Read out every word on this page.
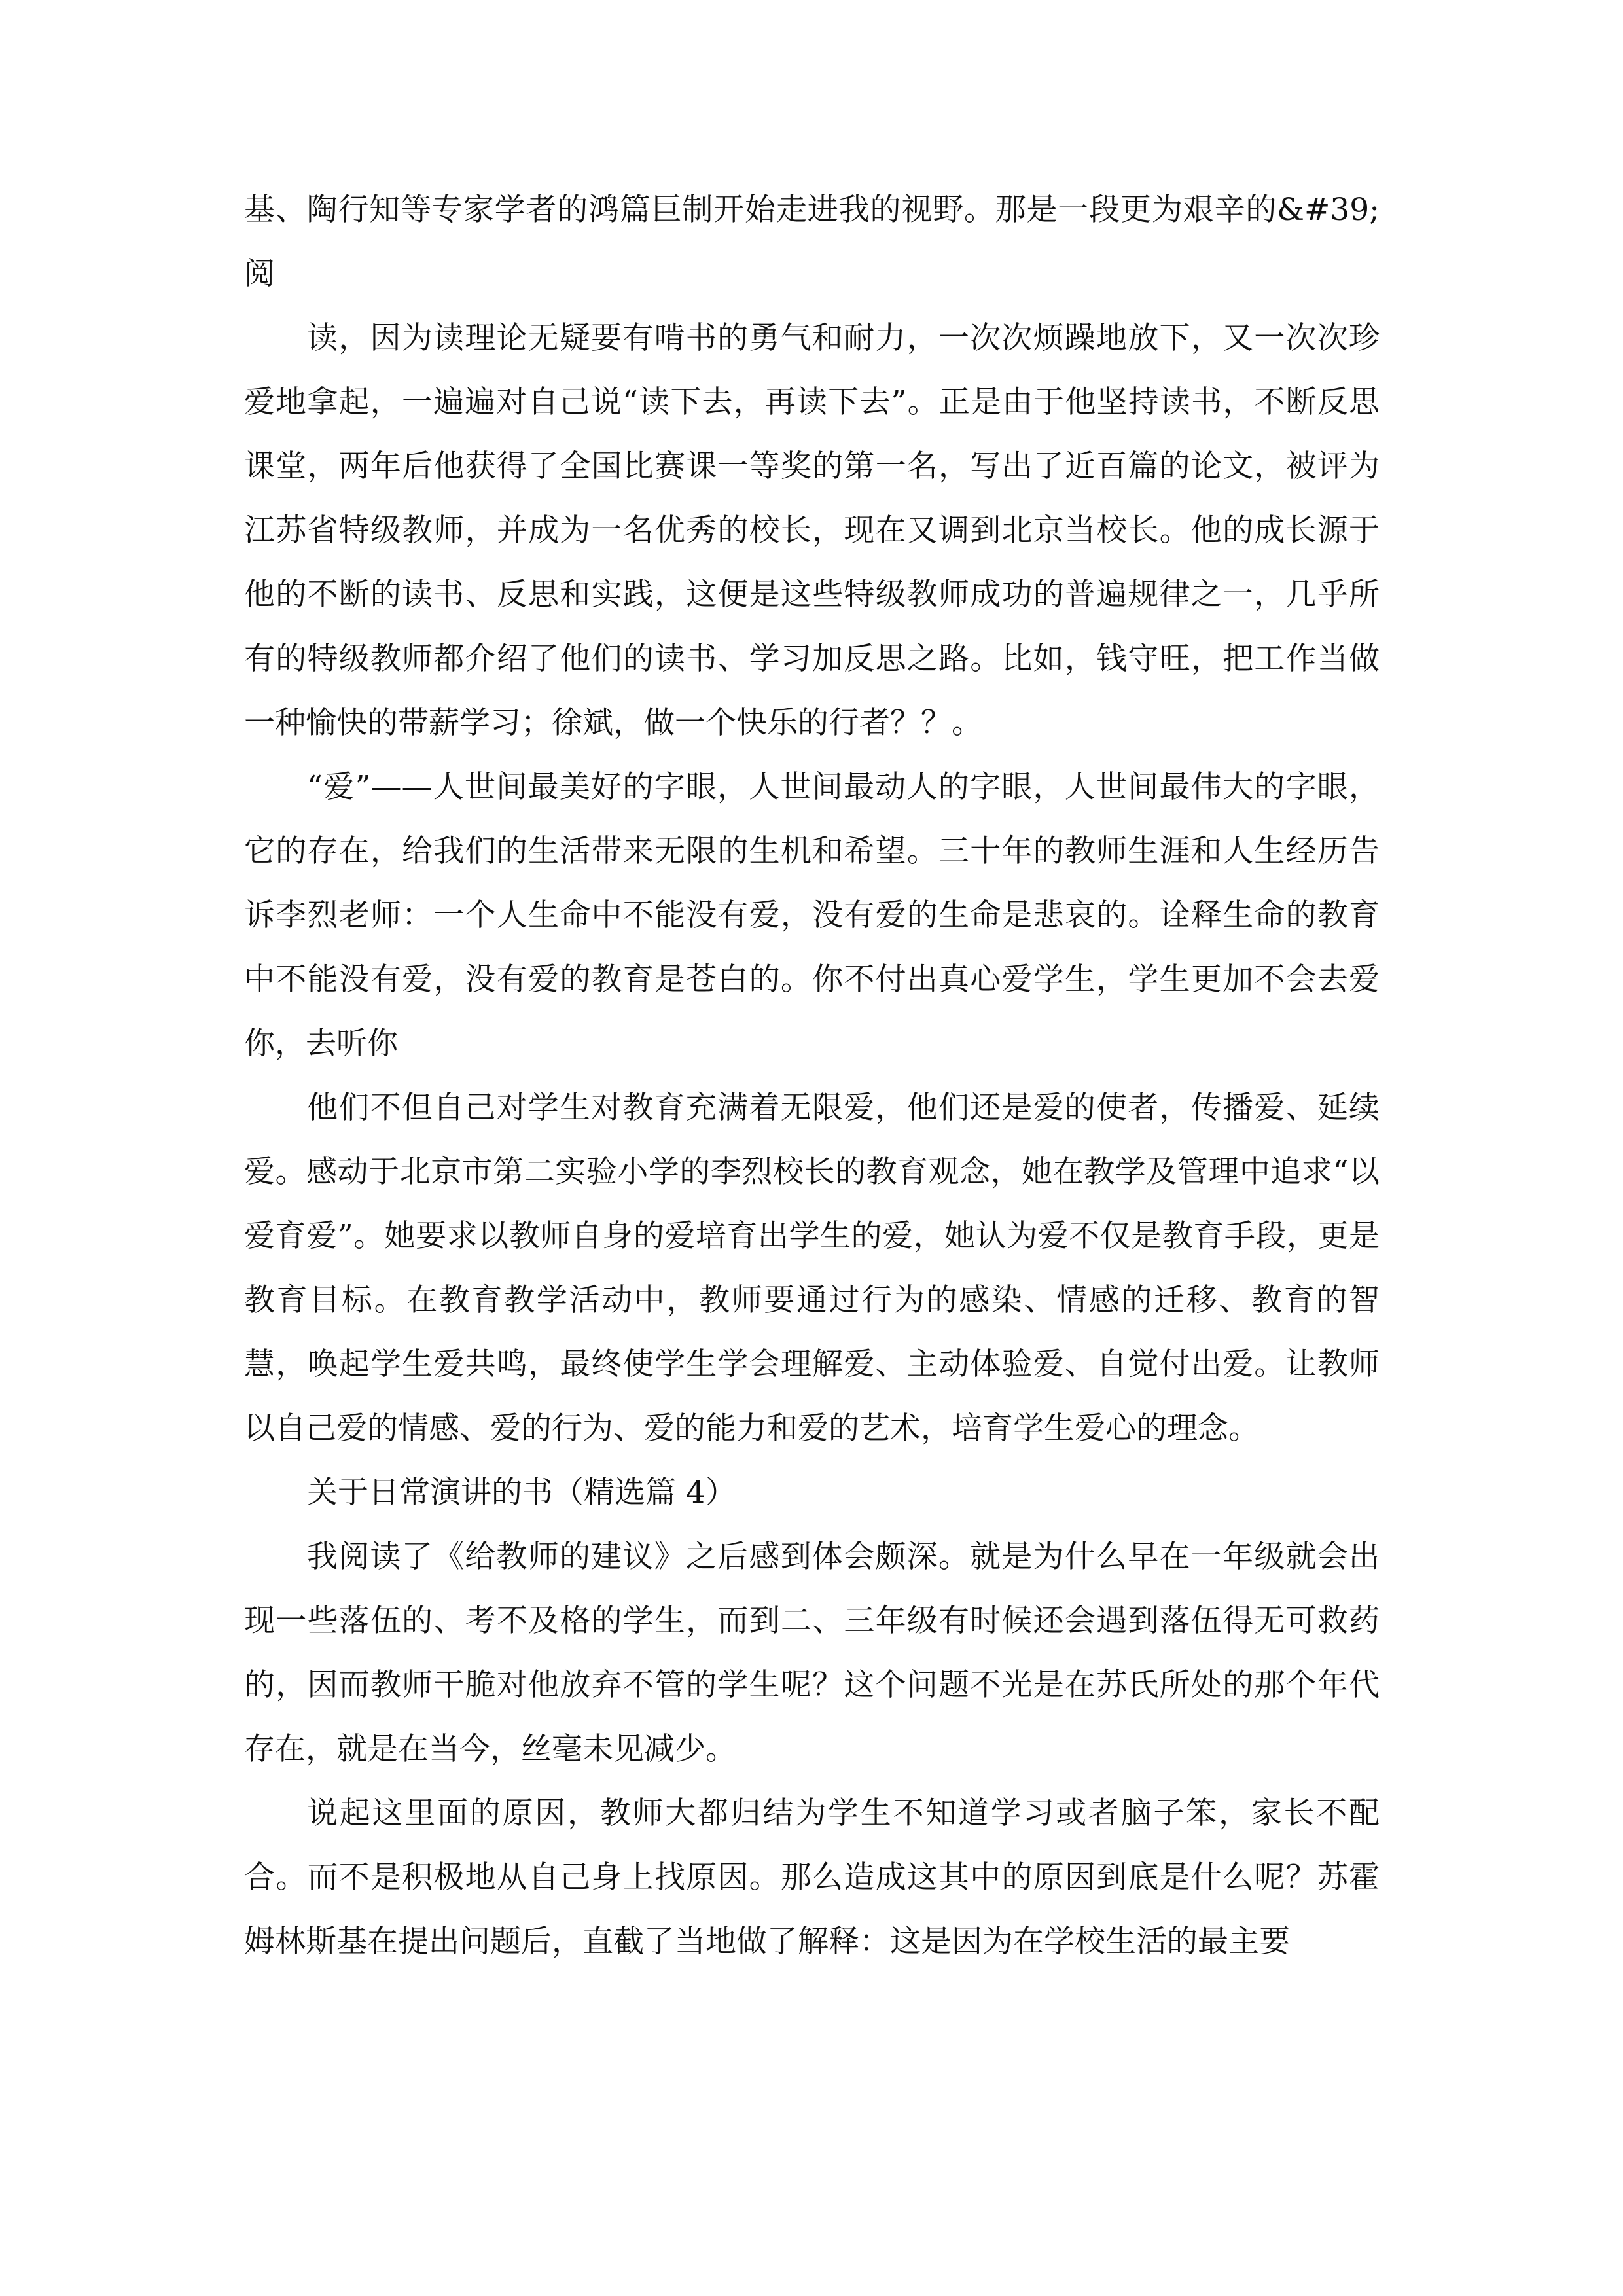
基、陶行知等专家学者的鸿篇巨制开始走进我的视野。那是一段更为艰辛的&#39;阅

读，因为读理论无疑要有啃书的勇气和耐力，一次次烦躁地放下，又一次次珍爱地拿起，一遍遍对自己说“读下去，再读下去”。正是由于他坚持读书，不断反思课堂，两年后他获得了全国比赛课一等奖的第一名，写出了近百篇的论文，被评为江苏省特级教师，并成为一名优秀的校长，现在又调到北京当校长。他的成长源于他的不断的读书、反思和实践，这便是这些特级教师成功的普遍规律之一，几乎所有的特级教师都介绍了他们的读书、学习加反思之路。比如，钱守旺，把工作当做一种愉快的带薪学习；徐斌，做一个快乐的行者？？。

“爱”——人世间最美好的字眼，人世间最动人的字眼，人世间最伟大的字眼，它的存在，给我们的生活带来无限的生机和希望。三十年的教师生涯和人生经历告诉李烈老师：一个人生命中不能没有爱，没有爱的生命是悲哀的。诠释生命的教育中不能没有爱，没有爱的教育是苍白的。你不付出真心爱学生，学生更加不会去爱你，去听你

他们不但自己对学生对教育充满着无限爱，他们还是爱的使者，传播爱、延续爱。感动于北京市第二实验小学的李烈校长的教育观念，她在教学及管理中追求“以爱育爱”。她要求以教师自身的爱培育出学生的爱，她认为爱不仅是教育手段，更是教育目标。在教育教学活动中，教师要通过行为的感染、情感的迁移、教育的智慧，唤起学生爱共鸣，最终使学生学会理解爱、主动体验爱、自觉付出爱。让教师以自己爱的情感、爱的行为、爱的能力和爱的艺术，培育学生爱心的理念。

关于日常演讲的书（精选篇 4）

我阅读了《给教师的建议》之后感到体会颇深。就是为什么早在一年级就会出现一些落伍的、考不及格的学生，而到二、三年级有时候还会遇到落伍得无可救药的，因而教师干脆对他放弃不管的学生呢？这个问题不光是在苏氏所处的那个年代存在，就是在当今，丝毫未见减少。

说起这里面的原因，教师大都归结为学生不知道学习或者脑子笨，家长不配合。而不是积极地从自己身上找原因。那么造成这其中的原因到底是什么呢？苏霍姆林斯基在提出问题后，直截了当地做了解释：这是因为在学校生活的最主要
